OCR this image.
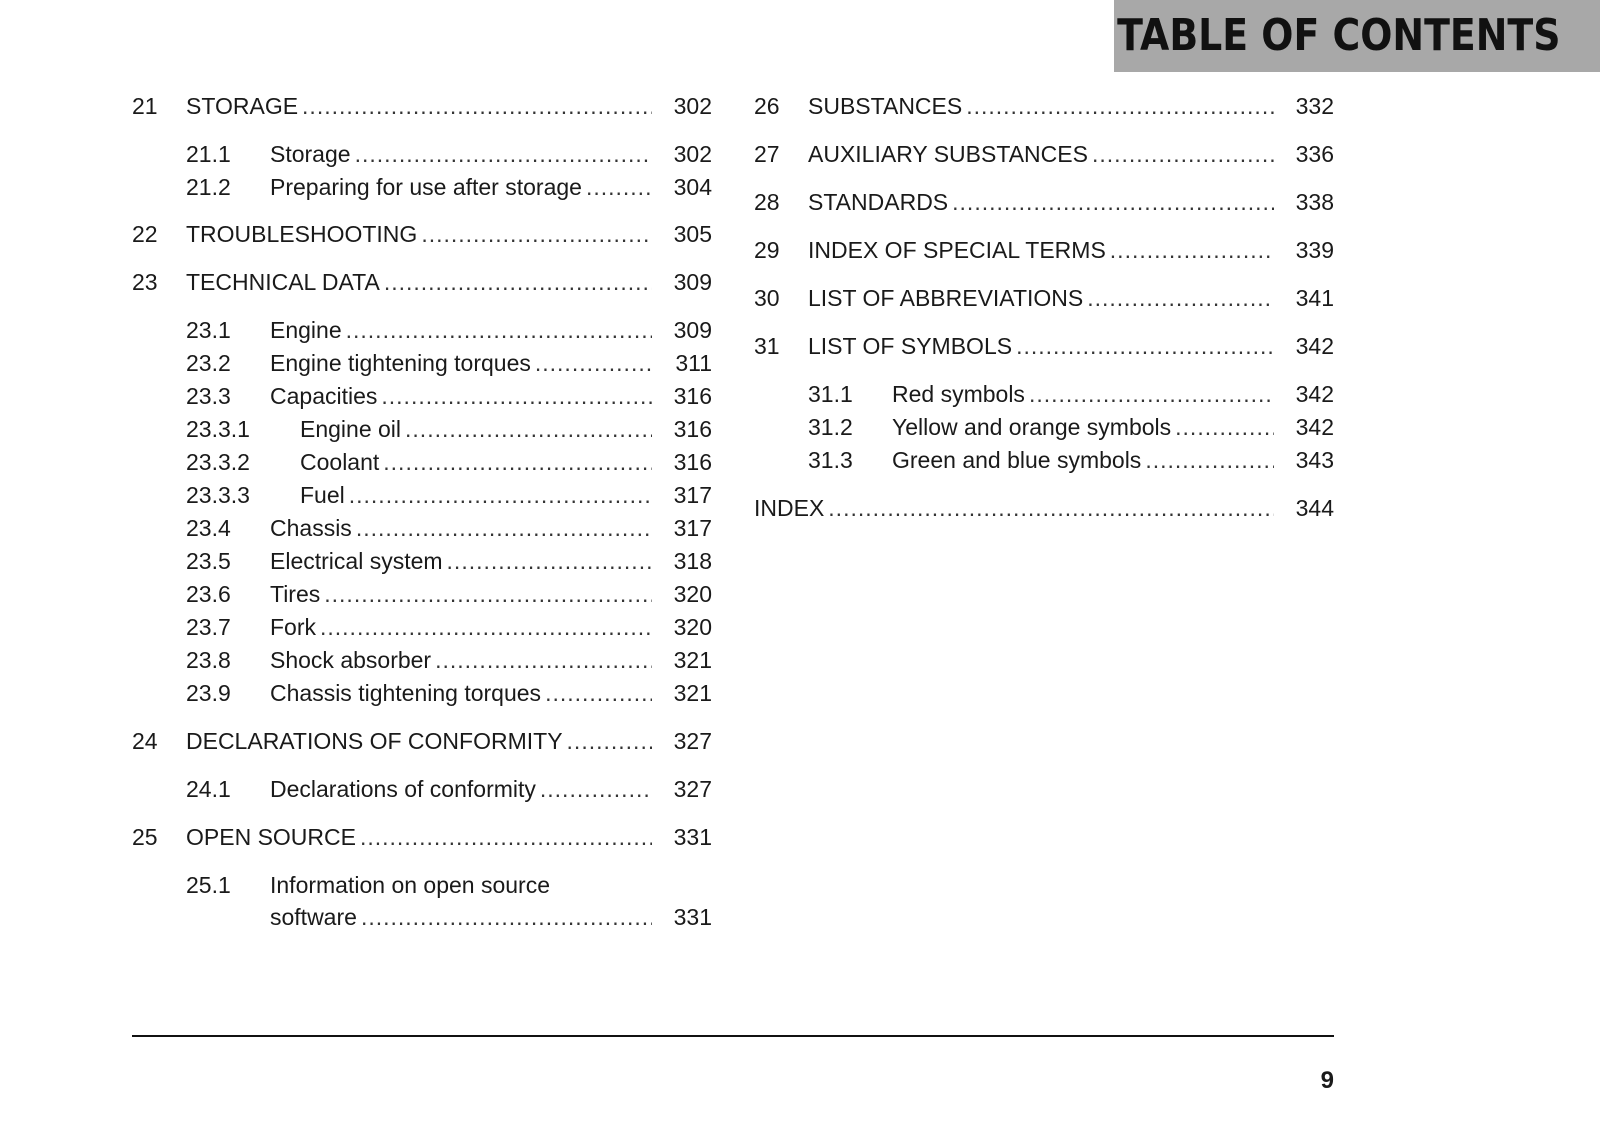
TABLE OF CONTENTS
21	STORAGE .....	302
21.1	Storage .....	302
21.2	Preparing for use after storage .....	304
22	TROUBLESHOOTING .....	305
23	TECHNICAL DATA .....	309
23.1	Engine .....	309
23.2	Engine tightening torques .....	311
23.3	Capacities .....	316
23.3.1	Engine oil .....	316
23.3.2	Coolant .....	316
23.3.3	Fuel .....	317
23.4	Chassis .....	317
23.5	Electrical system .....	318
23.6	Tires .....	320
23.7	Fork .....	320
23.8	Shock absorber .....	321
23.9	Chassis tightening torques .....	321
24	DECLARATIONS OF CONFORMITY .....	327
24.1	Declarations of conformity .....	327
25	OPEN SOURCE .....	331
25.1	Information on open source
software .....	331
26	SUBSTANCES .....	332
27	AUXILIARY SUBSTANCES .....	336
28	STANDARDS .....	338
29	INDEX OF SPECIAL TERMS .....	339
30	LIST OF ABBREVIATIONS .....	341
31	LIST OF SYMBOLS .....	342
31.1	Red symbols .....	342
31.2	Yellow and orange symbols .....	342
31.3	Green and blue symbols .....	343
INDEX .....	344
9
